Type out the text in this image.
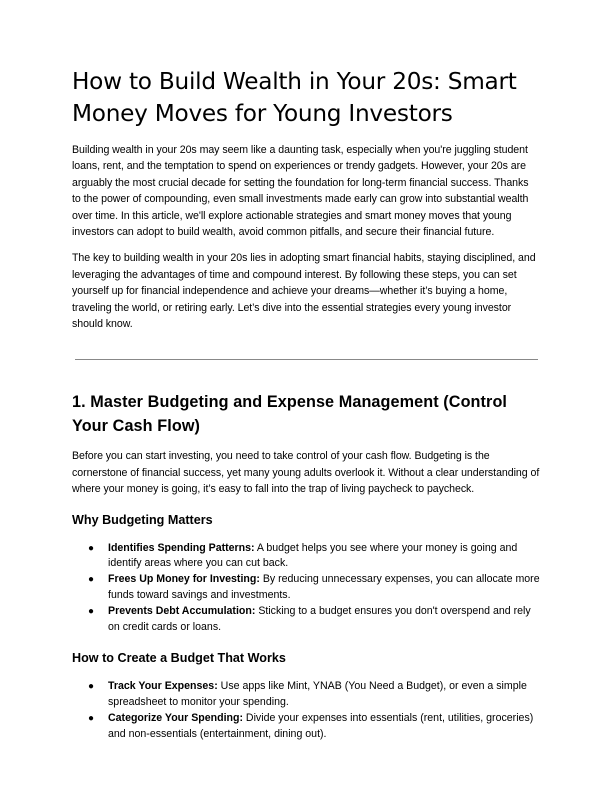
How to Build Wealth in Your 20s: Smart Money Moves for Young Investors

Building wealth in your 20s may seem like a daunting task, especially when you're juggling student loans, rent, and the temptation to spend on experiences or trendy gadgets. However, your 20s are arguably the most crucial decade for setting the foundation for long-term financial success. Thanks to the power of compounding, even small investments made early can grow into substantial wealth over time. In this article, we'll explore actionable strategies and smart money moves that young investors can adopt to build wealth, avoid common pitfalls, and secure their financial future.

The key to building wealth in your 20s lies in adopting smart financial habits, staying disciplined, and leveraging the advantages of time and compound interest. By following these steps, you can set yourself up for financial independence and achieve your dreams—whether it’s buying a home, traveling the world, or retiring early. Let’s dive into the essential strategies every young investor should know.

1. Master Budgeting and Expense Management (Control Your Cash Flow)

Before you can start investing, you need to take control of your cash flow. Budgeting is the cornerstone of financial success, yet many young adults overlook it. Without a clear understanding of where your money is going, it’s easy to fall into the trap of living paycheck to paycheck.

Why Budgeting Matters
● Identifies Spending Patterns: A budget helps you see where your money is going and identify areas where you can cut back.
● Frees Up Money for Investing: By reducing unnecessary expenses, you can allocate more funds toward savings and investments.
● Prevents Debt Accumulation: Sticking to a budget ensures you don't overspend and rely on credit cards or loans.
How to Create a Budget That Works
● Track Your Expenses: Use apps like Mint, YNAB (You Need a Budget), or even a simple spreadsheet to monitor your spending.
● Categorize Your Spending: Divide your expenses into essentials (rent, utilities, groceries) and non-essentials (entertainment, dining out).
